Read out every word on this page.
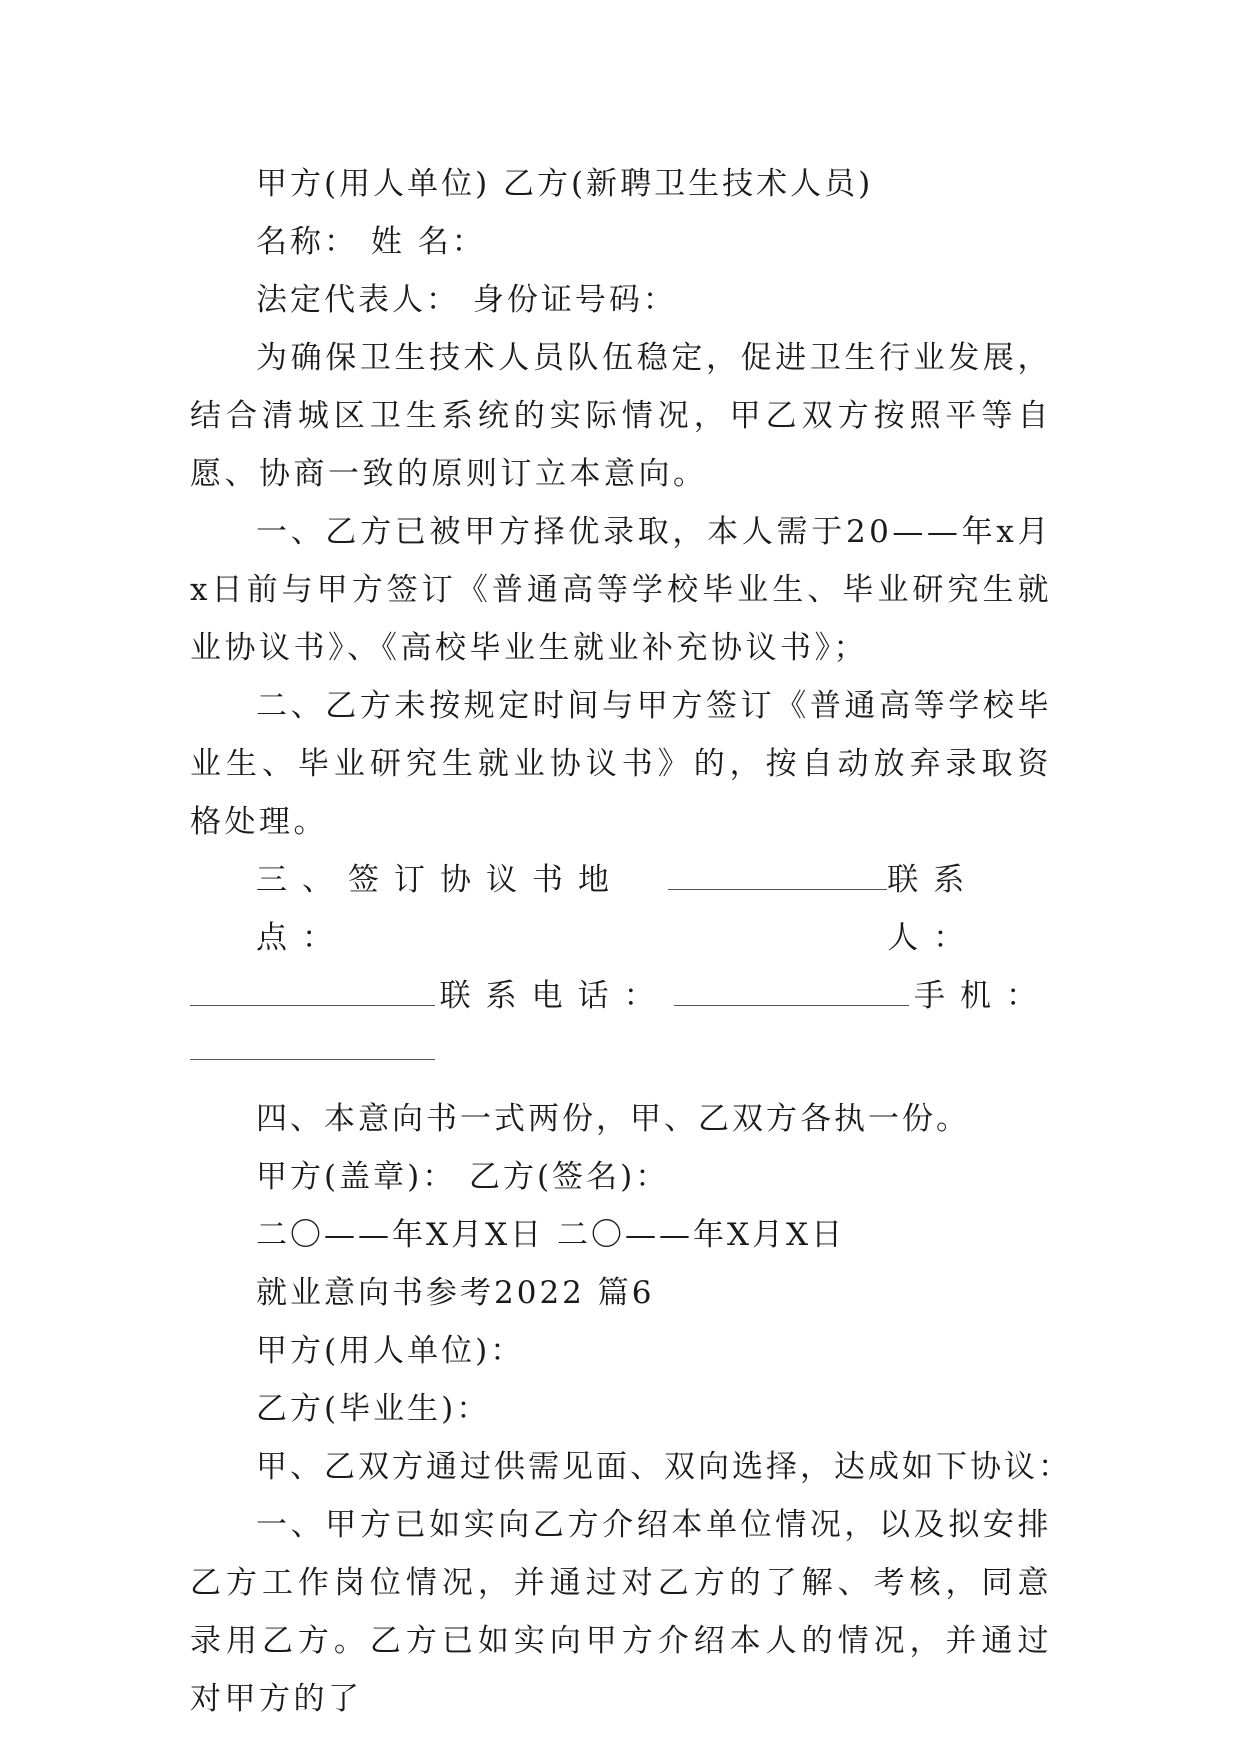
甲方(用人单位) 乙方(新聘卫生技术人员)

名称： 姓 名：

法定代表人： 身份证号码：

为确保卫生技术人员队伍稳定，促进卫生行业发展，结合清城区卫生系统的实际情况，甲乙双方按照平等自愿、协商一致的原则订立本意向。

一、乙方已被甲方择优录取，本人需于20——年x月x日前与甲方签订《普通高等学校毕业生、毕业研究生就业协议书》、《高校毕业生就业补充协议书》；

二、乙方未按规定时间与甲方签订《普通高等学校毕业生、毕业研究生就业协议书》的，按自动放弃录取资格处理。

三、签订协议书地点：
联系人：
联系电话：	手机：

四、本意向书一式两份，甲、乙双方各执一份。

甲方(盖章)： 乙方(签名)：

二〇——年X月X日 二〇——年X月X日

就业意向书参考2022 篇6

甲方(用人单位)：

乙方(毕业生)：

甲、乙双方通过供需见面、双向选择，达成如下协议：

一、甲方已如实向乙方介绍本单位情况，以及拟安排乙方工作岗位情况，并通过对乙方的了解、考核，同意录用乙方。乙方已如实向甲方介绍本人的情况，并通过对甲方的了
